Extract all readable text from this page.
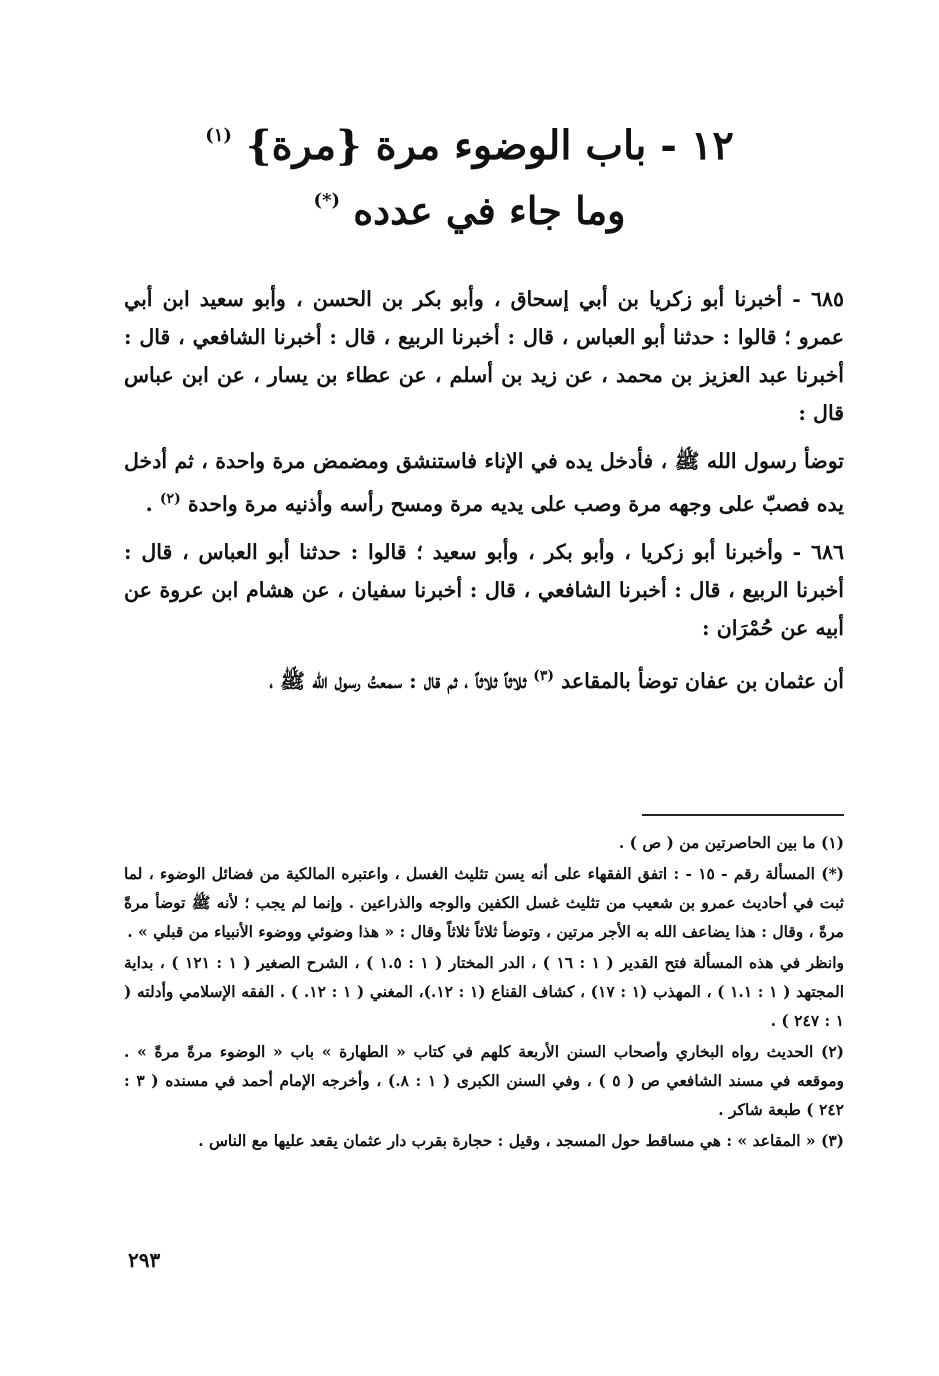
١٢ - باب الوضوء مرة {مرة} $^{(١)}$
وما جاء في عدده (*)

٦٨٥ - أخبرنا أبو زكريا بن أبي إسحاق ، وأبو بكر بن الحسن ، وأبو سعيد ابن أبي عمرو ؛ قالوا : حدثنا أبو العباس ، قال : أخبرنا الربيع ، قال : أخبرنا الشافعي ، قال : أخبرنا عبد العزيز بن محمد ، عن زيد بن أسلم ، عن عطاء بن يسار ، عن ابن عباس قال :

توضأ رسول الله ﷺ ، فأدخل يده في الإناء فاستنشق ومضمض مرة واحدة ، ثم أدخل يده فصبّ على وجهه مرة وصب على يديه مرة ومسح رأسه وأذنيه مرة واحدة $^{(٢)}$ .

٦٨٦ - وأخبرنا أبو زكريا ، وأبو بكر ، وأبو سعيد ؛ قالوا : حدثنا أبو العباس ، قال : أخبرنا الربيع ، قال : أخبرنا الشافعي ، قال : أخبرنا سفيان ، عن هشام ابن عروة عن أبيه عن حُمْرَان :

أن عثمان بن عفان توضأ بالمقاعد $^{(٣)}$ ثلاثاً ثلاثاً ، ثم قال : سمعتُ رسول الله ﷺ ،

(١) ما بين الحاصرتين من ( ص ) .

(*) المسألة رقم - ١٥ - : اتفق الفقهاء على أنه يسن تثليث الغسل ، واعتبره المالكية من فضائل الوضوء ، لما ثبت في أحاديث عمرو بن شعيب من تثليث غسل الكفين والوجه والذراعين . وإنما لم يجب ؛ لأنه ﷺ توضأ مرةً مرةً ، وقال : هذا يضاعف الله به الأجر مرتين ، وتوضأ ثلاثاً ثلاثاً وقال : « هذا وضوئي ووضوء الأنبياء من قبلي » .

وانظر في هذه المسألة فتح القدير ( ١ : ١٦ ) ، الدر المختار ( ١ : ١.٥ ) ، الشرح الصغير ( ١ : ١٢١ ) ، بداية المجتهد ( ١ : ١.١ ) ، المهذب (١ : ١٧) ، كشاف القناع (١ : ١٢.)، المغني ( ١ : ١٢. ) . الفقه الإسلامي وأدلته ( ١ : ٢٤٧ ) .

(٢) الحديث رواه البخاري وأصحاب السنن الأربعة كلهم في كتاب « الطهارة » باب « الوضوء مرةً مرةً » . وموقعه في مسند الشافعي ص ( ٥ ) ، وفي السنن الكبرى ( ١ : ٨.) ، وأخرجه الإمام أحمد في مسنده ( ٣ : ٢٤٢ ) طبعة شاكر .

(٣) « المقاعد » : هي مساقط حول المسجد ، وقيل : حجارة بقرب دار عثمان يقعد عليها مع الناس .

٢٩٣
